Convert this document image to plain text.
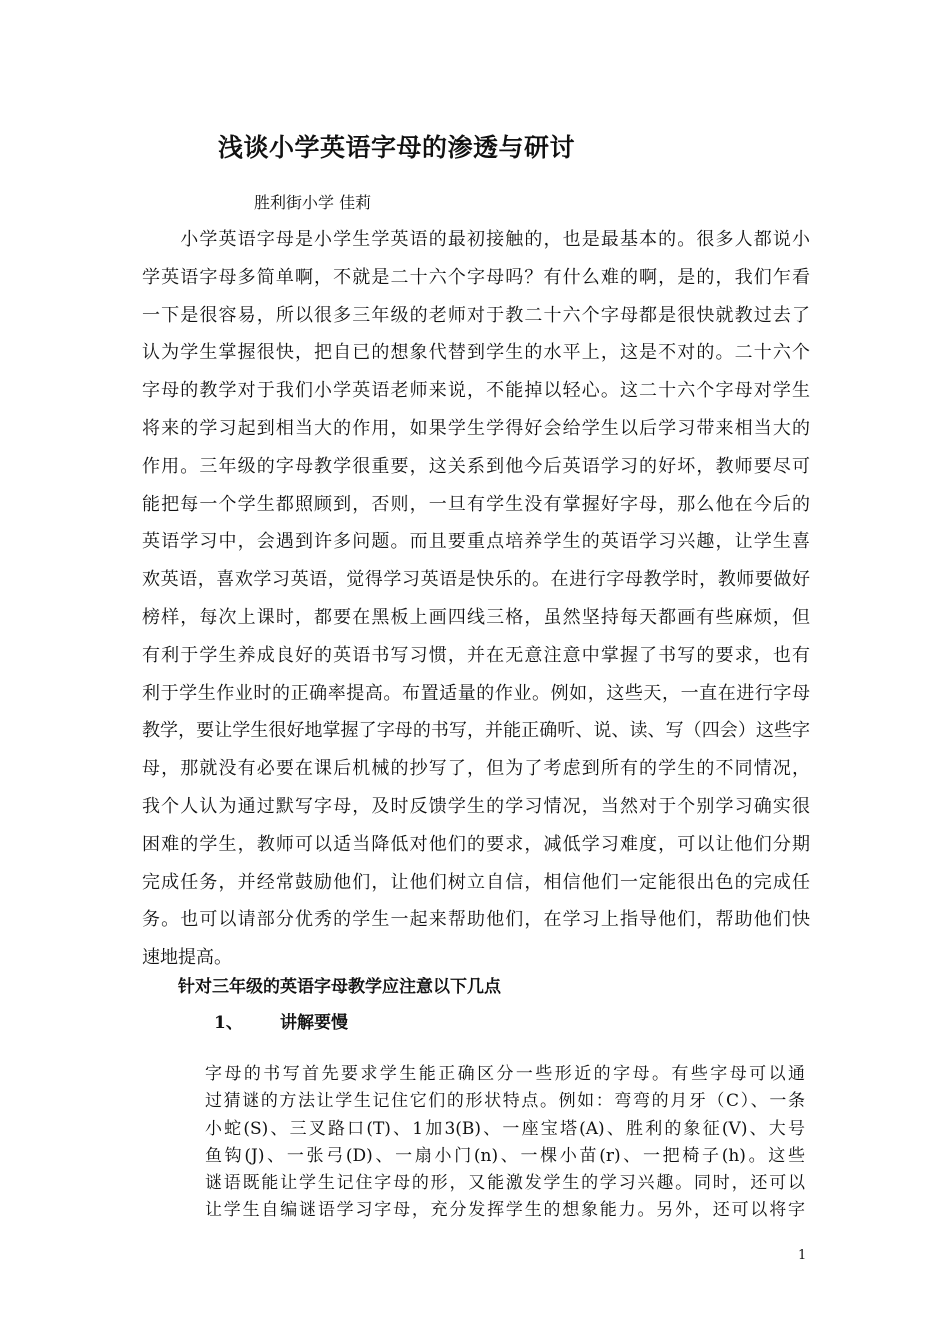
浅谈小学英语字母的渗透与研讨
胜利街小学 佳莉
　　小学英语字母是小学生学英语的最初接触的，也是最基本的。很多人都说小
学英语字母多简单啊，不就是二十六个字母吗？有什么难的啊，是的，我们乍看
一下是很容易，所以很多三年级的老师对于教二十六个字母都是很快就教过去了
认为学生掌握很快，把自已的想象代替到学生的水平上，这是不对的。二十六个
字母的教学对于我们小学英语老师来说，不能掉以轻心。这二十六个字母对学生
将来的学习起到相当大的作用，如果学生学得好会给学生以后学习带来相当大的
作用。三年级的字母教学很重要，这关系到他今后英语学习的好坏，教师要尽可
能把每一个学生都照顾到，否则，一旦有学生没有掌握好字母，那么他在今后的
英语学习中，会遇到许多问题。而且要重点培养学生的英语学习兴趣，让学生喜
欢英语，喜欢学习英语，觉得学习英语是快乐的。在进行字母教学时，教师要做好
榜样，每次上课时，都要在黑板上画四线三格，虽然坚持每天都画有些麻烦，但
有利于学生养成良好的英语书写习惯，并在无意注意中掌握了书写的要求，也有
利于学生作业时的正确率提高。布置适量的作业。例如，这些天，一直在进行字母
教学，要让学生很好地掌握了字母的书写，并能正确听、说、读、写（四会）这些字
母，那就没有必要在课后机械的抄写了，但为了考虑到所有的学生的不同情况，
我个人认为通过默写字母，及时反馈学生的学习情况，当然对于个别学习确实很
困难的学生，教师可以适当降低对他们的要求，减低学习难度，可以让他们分期
完成任务，并经常鼓励他们，让他们树立自信，相信他们一定能很出色的完成任
务。也可以请部分优秀的学生一起来帮助他们，在学习上指导他们，帮助他们快
速地提高。
针对三年级的英语字母教学应注意以下几点
1、 讲解要慢
字母的书写首先要求学生能正确区分一些形近的字母。有些字母可以通
过猜谜的方法让学生记住它们的形状特点。例如：弯弯的月牙（C）、一条
小蛇(S)、三叉路口(T)、1加3(B)、一座宝塔(A)、胜利的象征(V)、大号
鱼钩(J)、一张弓(D)、一扇小门(n)、一棵小苗(r)、一把椅子(h)。这些
谜语既能让学生记住字母的形，又能激发学生的学习兴趣。同时，还可以
让学生自编谜语学习字母，充分发挥学生的想象能力。另外，还可以将字
1
